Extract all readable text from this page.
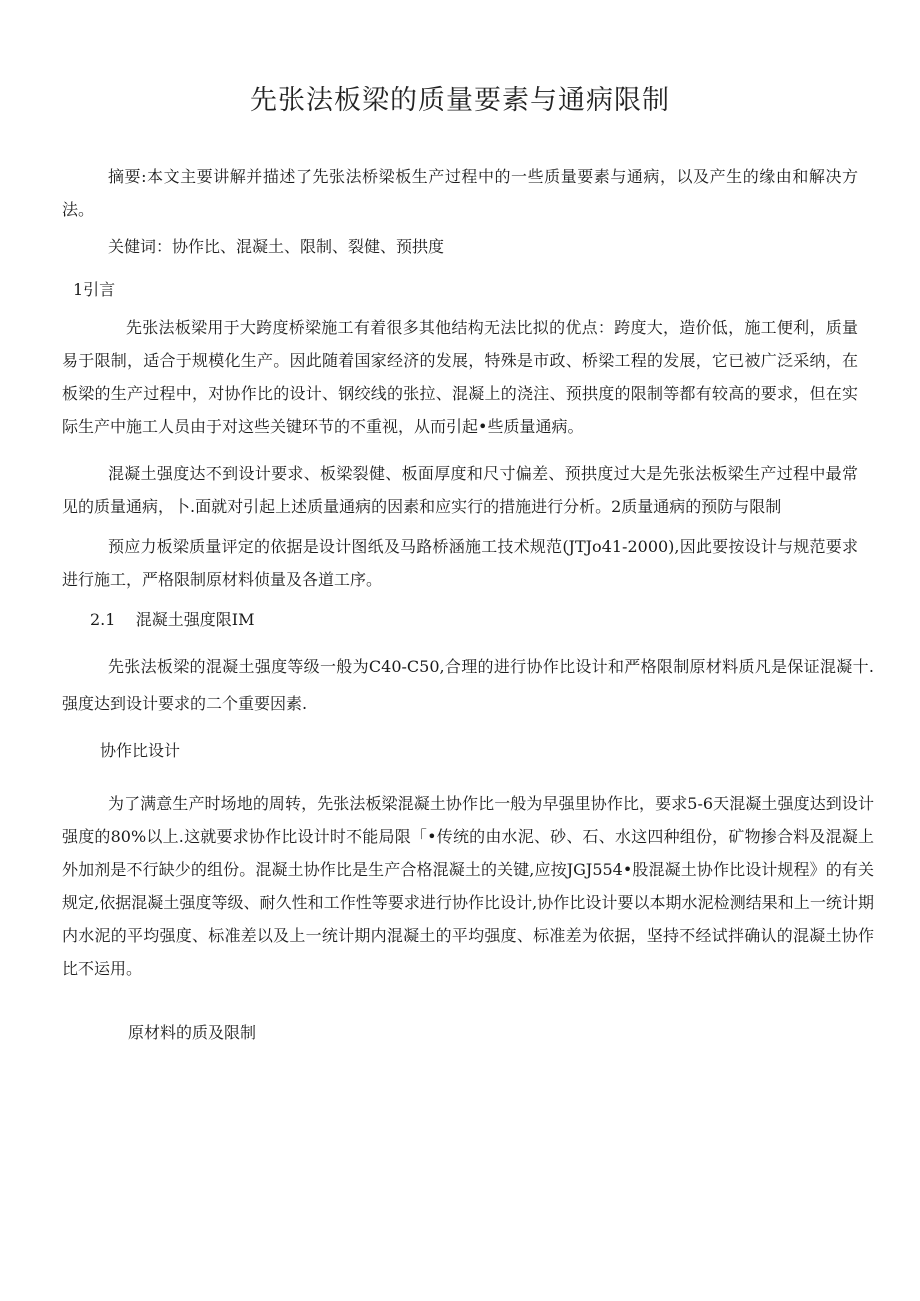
先张法板梁的质量要素与通病限制
摘要:本文主要讲解并描述了先张法桥梁板生产过程中的一些质量要素与通病，以及产生的缘由和解决方法。
关健词：协作比、混凝土、限制、裂健、预拱度
1引言
先张法板梁用于大跨度桥梁施工有着很多其他结构无法比拟的优点：跨度大，造价低，施工便利，质量易于限制，适合于规模化生产。因此随着国家经济的发展，特殊是市政、桥梁工程的发展，它已被广泛采纳，在板梁的生产过程中，对协作比的设计、钢绞线的张拉、混凝上的浇注、预拱度的限制等都有较高的要求，但在实际生产中施工人员由于对这些关键环节的不重视，从而引起•些质量通病。
混凝土强度达不到设计要求、板梁裂健、板面厚度和尺寸偏差、预拱度过大是先张法板梁生产过程中最常见的质量通病，卜.面就对引起上述质量通病的因素和应实行的措施进行分析。2质量通病的预防与限制
预应力板梁质量评定的依据是设计图纸及马路桥涵施工技术规范(JTJo41-2000),因此要按设计与规范要求进行施工，严格限制原材料侦量及各道工序。
2.1    混凝土强度限IM
先张法板梁的混凝土强度等级一般为C40-C50,合理的进行协作比设计和严格限制原材料质凡是保证混凝十.强度达到设计要求的二个重要因素.
协作比设计
为了满意生产时场地的周转，先张法板梁混凝土协作比一般为早强里协作比，要求5-6天混凝土强度达到设计强度的80%以上.这就要求协作比设计时不能局限「•传统的由水泥、砂、石、水这四种组份，矿物掺合料及混凝上外加剂是不行缺少的组份。混凝土协作比是生产合格混凝土的关键,应按JGJ554•股混凝土协作比设计规程》的有关规定,依据混凝土强度等级、耐久性和工作性等要求进行协作比设计,协作比设计要以本期水泥检测结果和上一统计期内水泥的平均强度、标准差以及上一统计期内混凝土的平均强度、标准差为依据，坚持不经试拌确认的混凝土协作比不运用。
原材料的质及限制
